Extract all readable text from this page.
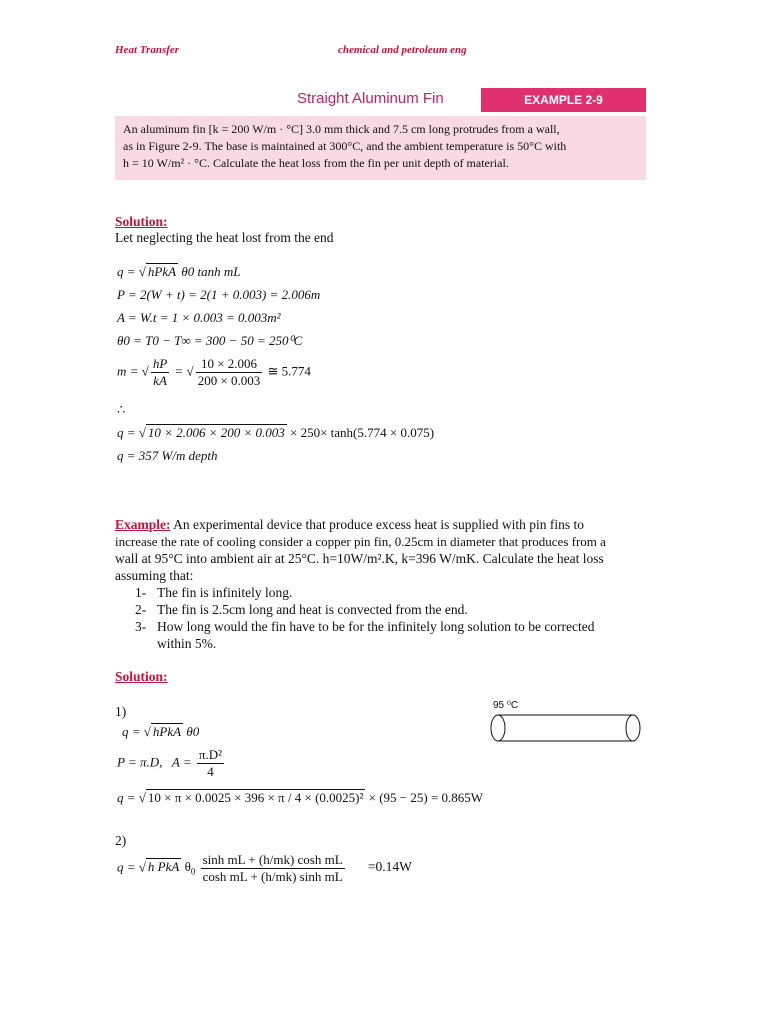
Heat Transfer	chemical and petroleum eng
Straight Aluminum Fin	EXAMPLE 2-9
An aluminum fin [k = 200 W/m · °C] 3.0 mm thick and 7.5 cm long protrudes from a wall,
as in Figure 2-9. The base is maintained at 300°C, and the ambient temperature is 50°C with
h = 10 W/m² · °C. Calculate the heat loss from the fin per unit depth of material.
Solution:
Let neglecting the heat lost from the end
q = √ hPkA θ0 tanh mL
P = 2(W + t) = 2(1 + 0.003) = 2.006m
A = W.t = 1 × 0.003 = 0.003m²
θ0 = T0 − T∞ = 300 − 50 = 250⁰C
m = √ $\frac{hP}{kA}$ = √ $\frac{10 \times 2.006}{200 \times 0.003}$ ≅ 5.774
∴
q = √ 10 × 2.006 × 200 × 0.003 × 250× tanh(5.774 × 0.075)
q = 357 W/m depth
Example: An experimental device that produce excess heat is supplied with pin fins to
increase the rate of cooling consider a copper pin fin, 0.25cm in diameter that produces from a
wall at 95°C into ambient air at 25°C. h=10W/m².K, k=396 W/mK. Calculate the heat loss
assuming that:
1- The fin is infinitely long.
2- The fin is 2.5cm long and heat is convected from the end.
3- How long would the fin have to be for the infinitely long solution to be corrected
within 5%.
Solution:
1)
q = √ hPkA θ0
P = π.D,   $A = \frac{\text{π.D²}}{4}$
q = √ 10 × π × 0.0025 × 396 × π / 4 × (0.0025)² × (95 − 25) = 0.865W
2)
q = √ h PkA $\theta_0 \frac{\text{sinh mL + (h/mk) cosh mL}}{\text{cosh mL + (h/mk) sinh mL}} =0.14W$
95 ⁰C
